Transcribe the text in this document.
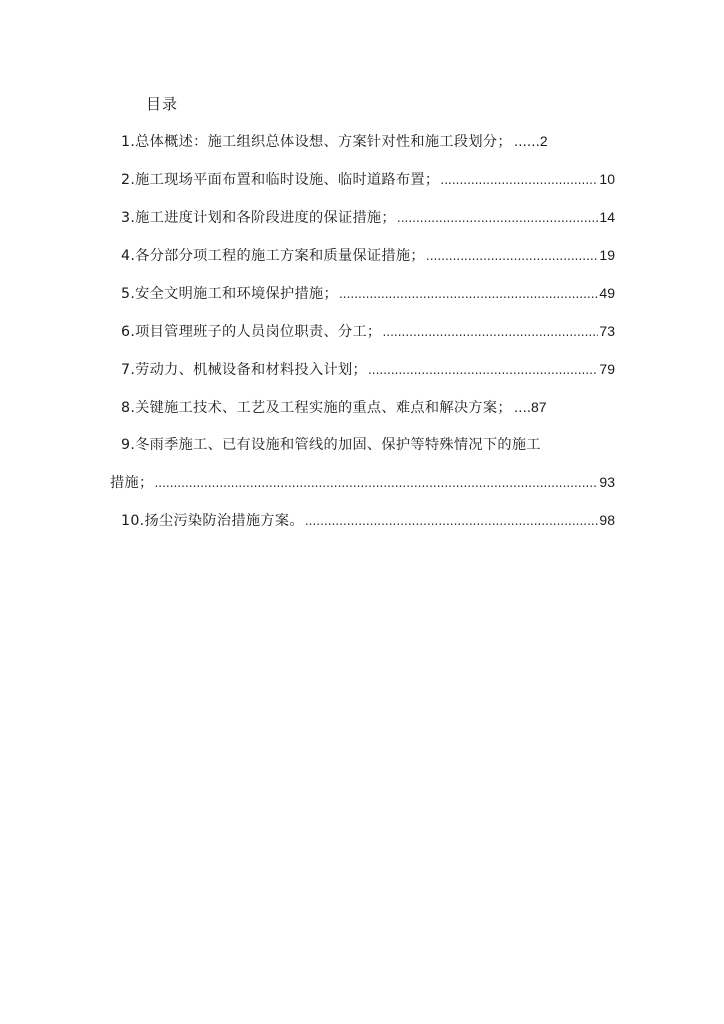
目录
1.总体概述：施工组织总体设想、方案针对性和施工段划分； …… 2
2.施工现场平面布置和临时设施、临时道路布置； .....	10
3.施工进度计划和各阶段进度的保证措施； .....	14
4.各分部分项工程的施工方案和质量保证措施； .....	19
5.安全文明施工和环境保护措施； .....	49
6.项目管理班子的人员岗位职责、分工； .....	73
7.劳动力、机械设备和材料投入计划； .....	79
8.关键施工技术、工艺及工程实施的重点、难点和解决方案； …. 87
9.冬雨季施工、已有设施和管线的加固、保护等特殊情况下的施工
措施； .....	93
10.扬尘污染防治措施方案。 .....	98
